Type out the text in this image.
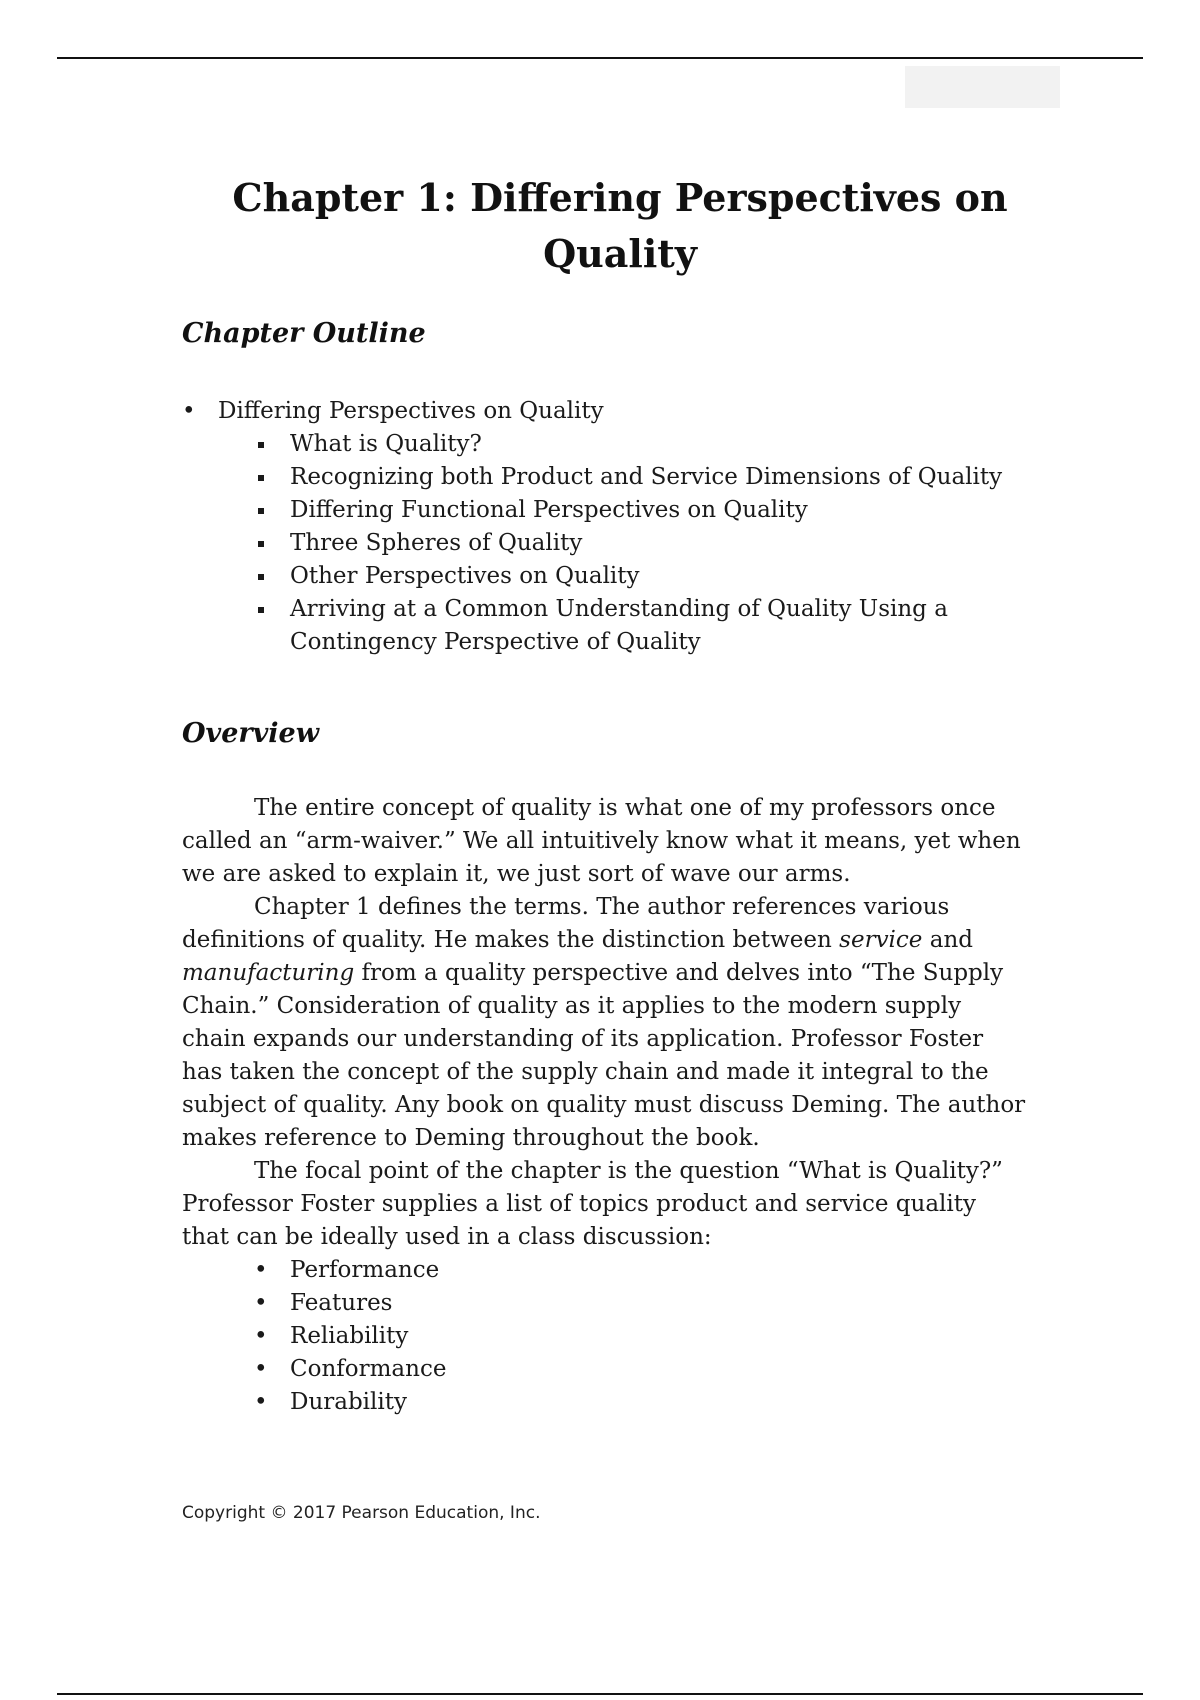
Chapter 1: Differing Perspectives on Quality
Chapter Outline
• Differing Perspectives on Quality
What is Quality?
Recognizing both Product and Service Dimensions of Quality
Differing Functional Perspectives on Quality
Three Spheres of Quality
Other Perspectives on Quality
Arriving at a Common Understanding of Quality Using a Contingency Perspective of Quality
Overview

The entire concept of quality is what one of my professors once called an “arm-waiver.” We all intuitively know what it means, yet when we are asked to explain it, we just sort of wave our arms.

Chapter 1 defines the terms. The author references various definitions of quality. He makes the distinction between service and
manufacturing from a quality perspective and delves into “The Supply Chain.” Consideration of quality as it applies to the modern supply chain expands our understanding of its application. Professor Foster has taken the concept of the supply chain and made it integral to the subject of quality. Any book on quality must discuss Deming. The author makes reference to Deming throughout the book.

The focal point of the chapter is the question “What is Quality?” Professor Foster supplies a list of topics product and service quality that can be ideally used in a class discussion:

• Performance
• Features
• Reliability
• Conformance
• Durability

Copyright © 2017 Pearson Education, Inc.
